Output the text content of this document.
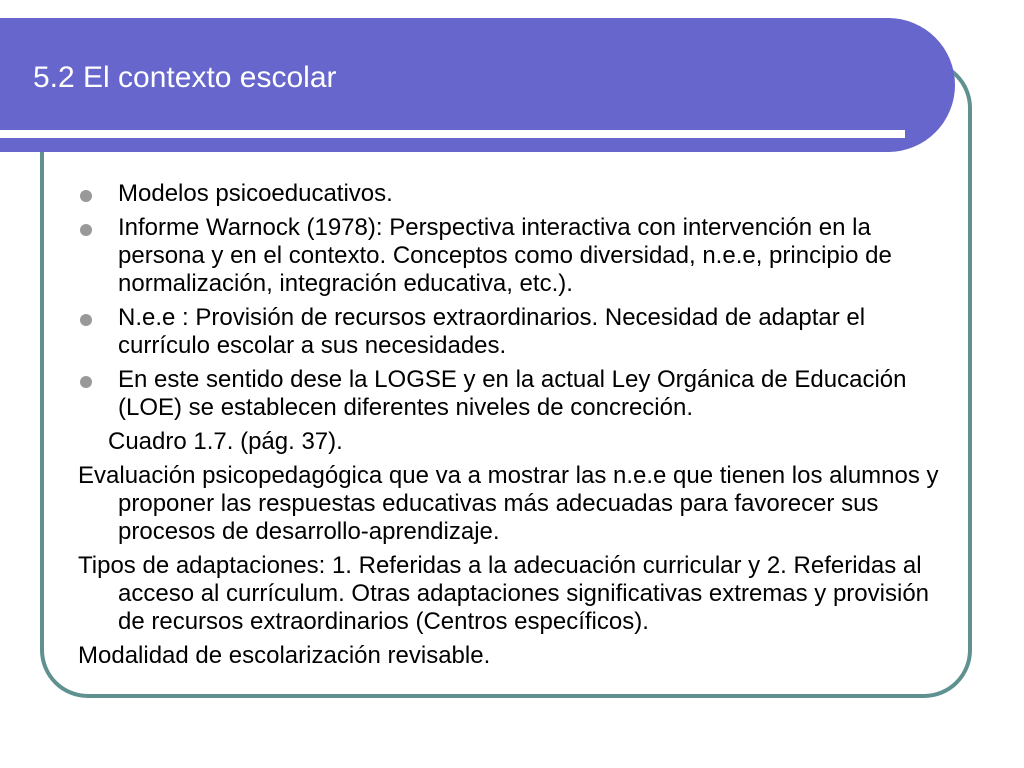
5.2 El contexto escolar

Modelos psicoeducativos.

Informe Warnock (1978): Perspectiva interactiva con intervención en la persona y en el contexto. Conceptos como diversidad, n.e.e, principio de normalización, integración educativa, etc.).

N.e.e : Provisión de recursos extraordinarios. Necesidad de adaptar el currículo escolar a sus necesidades.

En este sentido dese la LOGSE y en la actual Ley Orgánica de Educación (LOE) se establecen diferentes niveles de concreción.

Cuadro 1.7. (pág. 37).

Evaluación psicopedagógica que va a mostrar las n.e.e que tienen los alumnos y proponer las respuestas educativas más adecuadas para favorecer sus procesos de desarrollo-aprendizaje.

Tipos de adaptaciones: 1. Referidas a la adecuación curricular y 2. Referidas al acceso al currículum. Otras adaptaciones significativas extremas y provisión de recursos extraordinarios (Centros específicos).

Modalidad de escolarización revisable.
